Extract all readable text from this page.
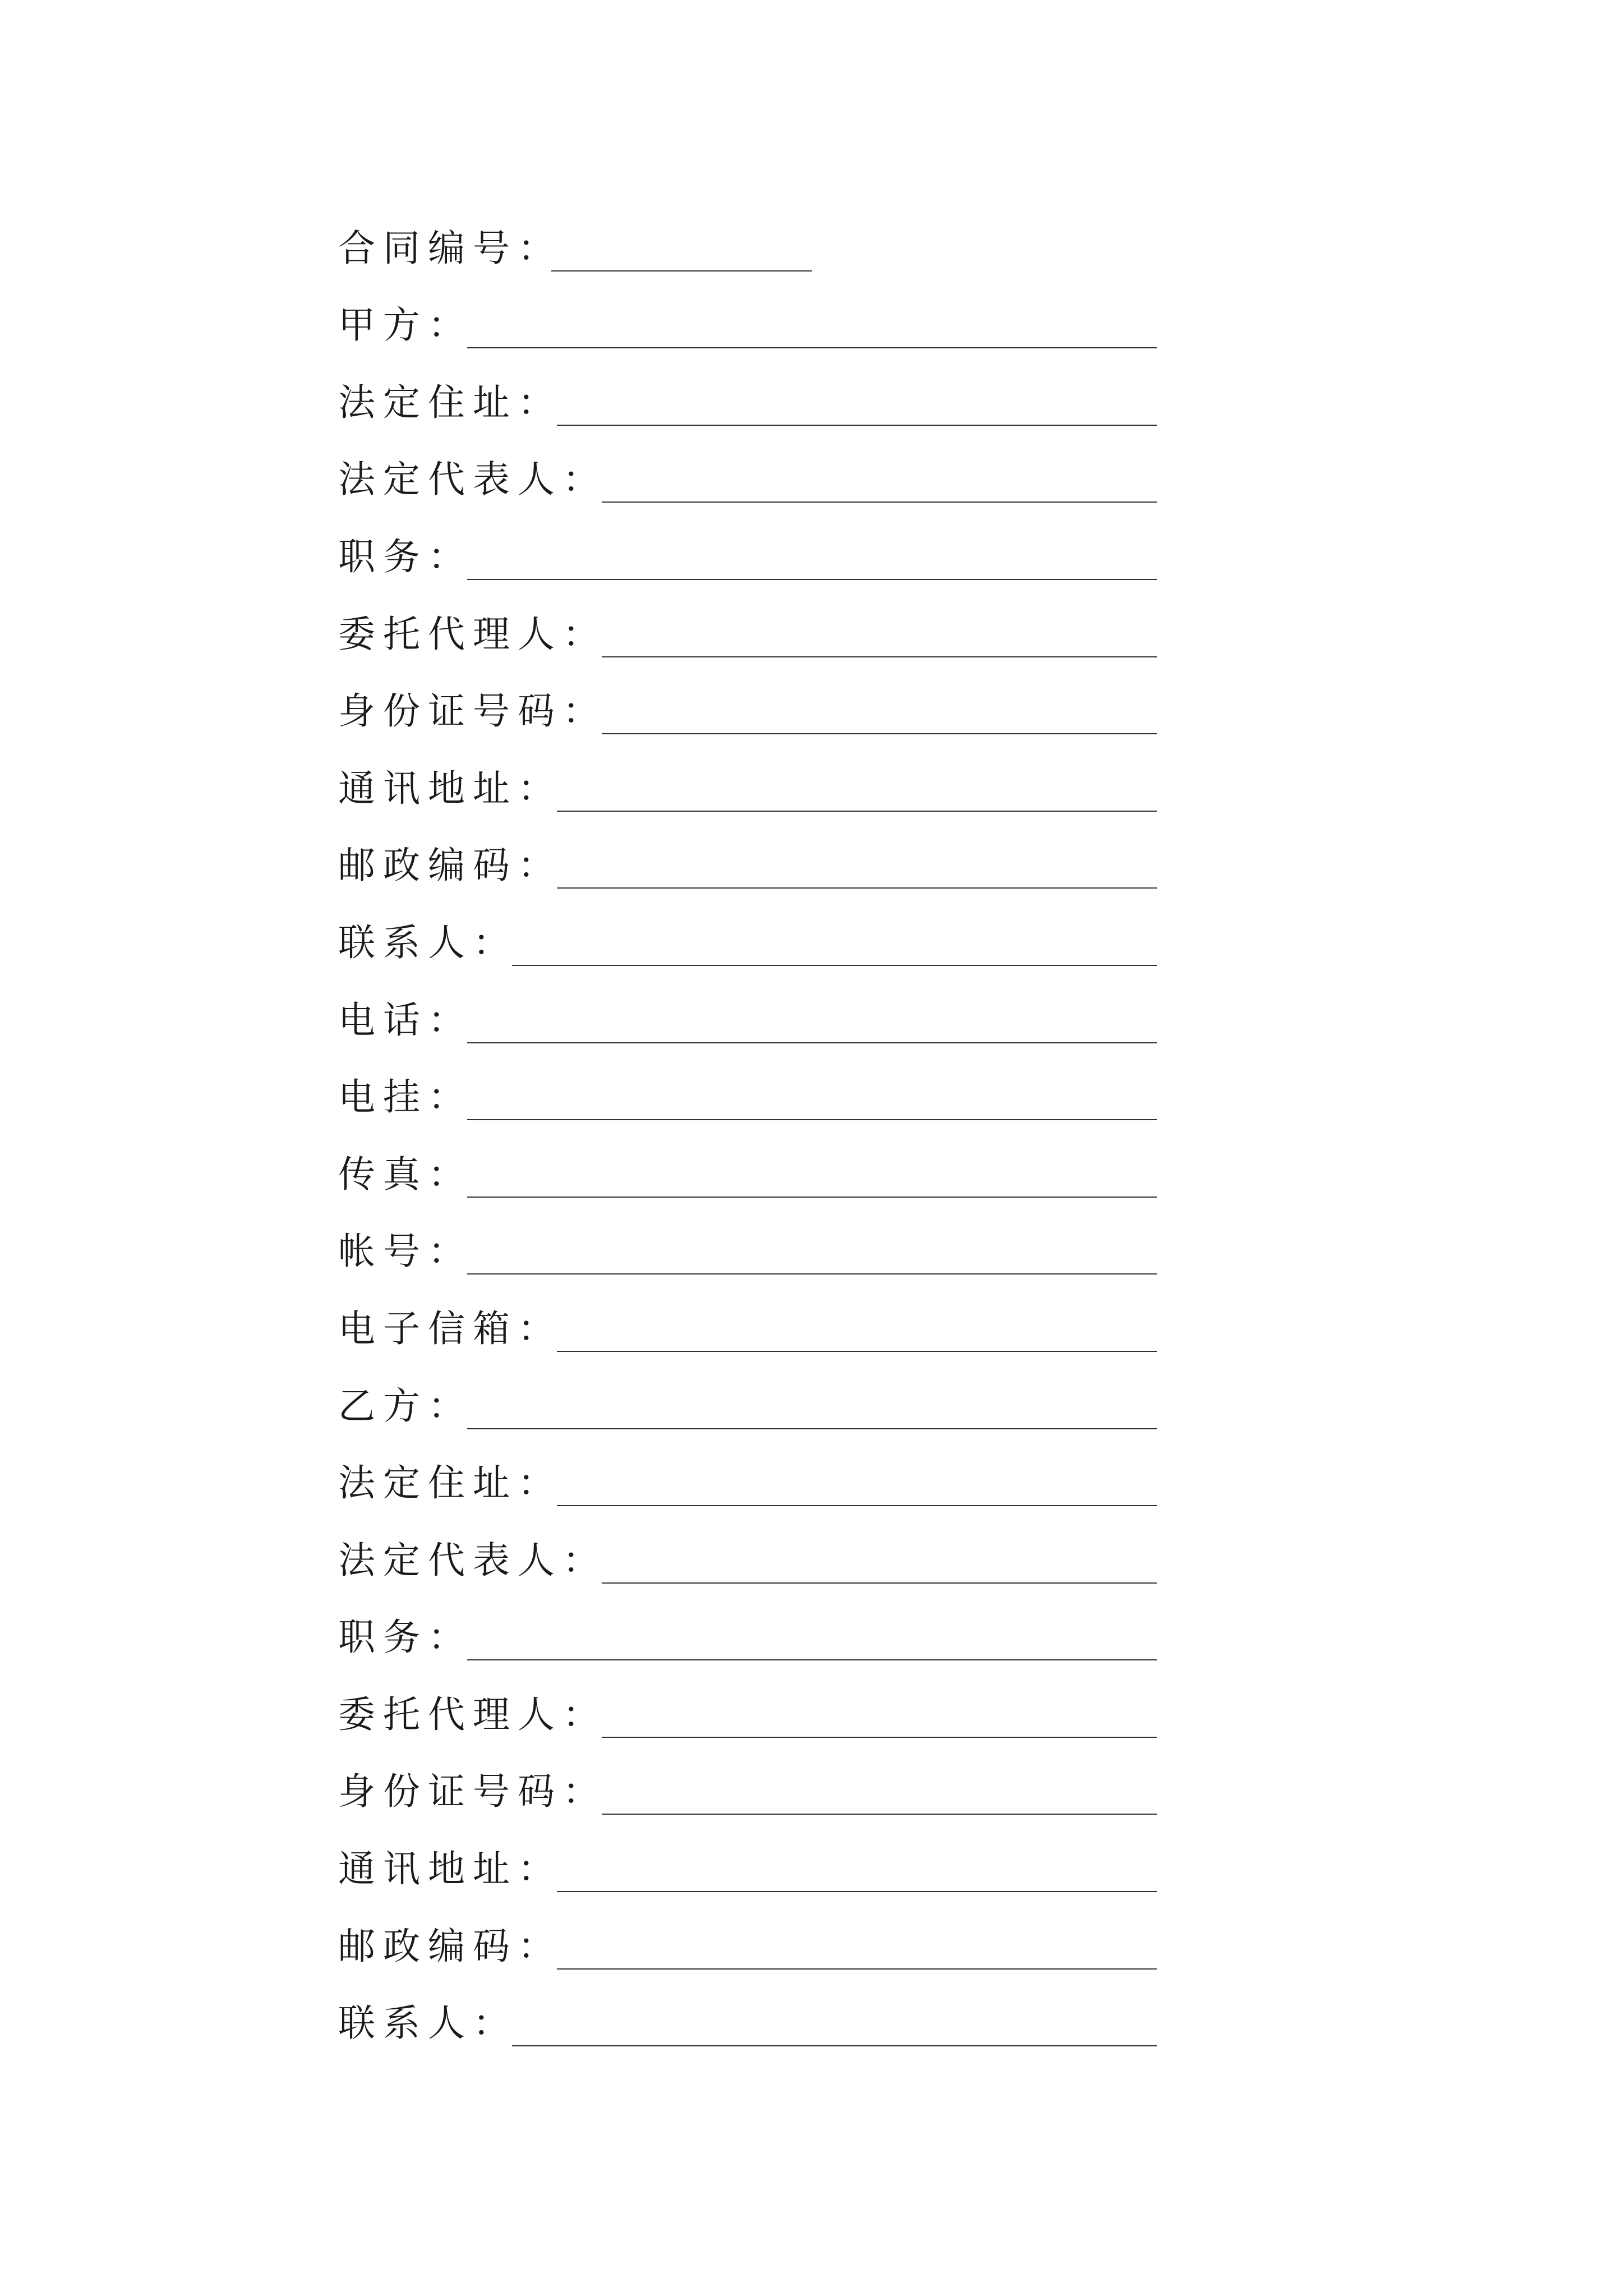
合同编号：
甲方：
法定住址：
法定代表人：
职务：
委托代理人：
身份证号码：
通讯地址：
邮政编码：
联系人：
电话：
电挂：
传真：
帐号：
电子信箱：
乙方：
法定住址：
法定代表人：
职务：
委托代理人：
身份证号码：
通讯地址：
邮政编码：
联系人：
